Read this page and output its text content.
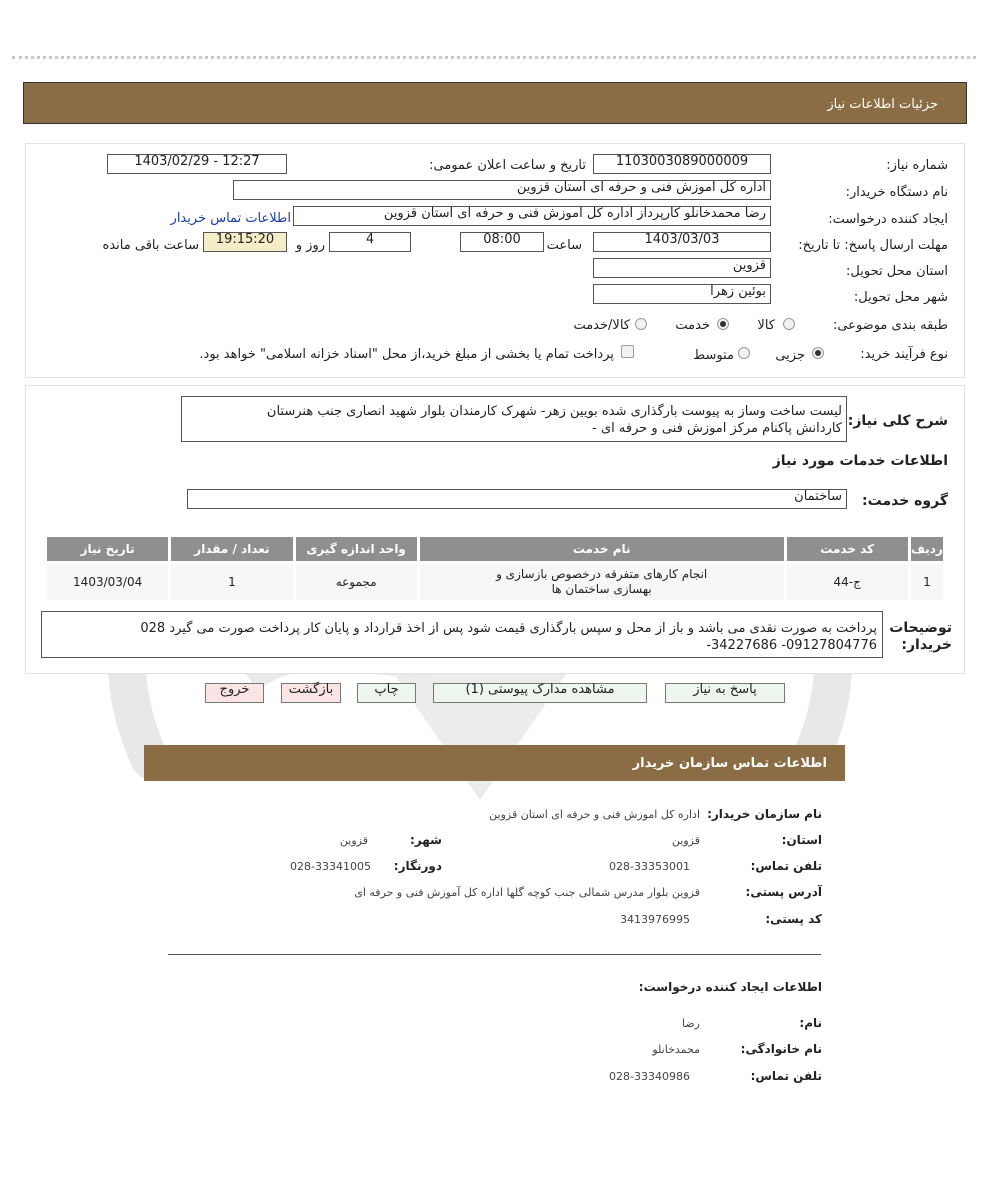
جزئیات اطلاعات نیاز
شماره نیاز:
1103003089000009
تاریخ و ساعت اعلان عمومی:
1403/02/29 - 12:27
نام دستگاه خریدار:
اداره کل اموزش فنی و حرفه ای استان قزوین
ایجاد کننده درخواست:
رضا محمدخانلو کارپرداز اداره کل اموزش فنی و حرفه ای استان قزوین
اطلاعات تماس خریدار
مهلت ارسال پاسخ: تا تاریخ:
1403/03/03
ساعت
08:00
4
روز و
19:15:20
ساعت باقی مانده
استان محل تحویل:
قزوین
شهر محل تحویل:
بوئین زهرا
طبقه بندی موضوعی:
کالا
خدمت
کالا/خدمت
نوع فرآیند خرید:
جزیی
متوسط
پرداخت تمام یا بخشی از مبلغ خرید،از محل "اسناد خزانه اسلامی" خواهد بود.
شرح کلی نیاز:
لیست ساخت وساز به پیوست بارگذاری شده بویین زهر- شهرک کارمندان بلوار شهید انصاری جنب هنرستان
کاردانش پاکنام مرکز اموزش فنی و حرفه ای -
اطلاعات خدمات مورد نیاز
گروه خدمت:
ساختمان
ردیف	کد خدمت	نام خدمت	واحد اندازه گیری	تعداد / مقدار	تاریخ نیاز
1	ج-44	انجام کارهای متفرقه درخصوص بازسازی و
بهسازی ساختمان ها	مجموعه	1	1403/03/04
توضیحات
خریدار:
پرداخت به صورت نقدی می باشد و باز از محل و سپس بارگذاری قیمت شود پس از اخذ قرارداد و پایان کار پرداخت صورت می گیرد 028
09127804776- 34227686-
پاسخ به نیاز
مشاهده مدارک پیوستی (1)
چاپ
بازگشت
خروج
اطلاعات تماس سازمان خریدار
نام سازمان خریدار:
اداره کل اموزش فنی و حرفه ای استان قزوین
استان:
قزوین
شهر:
قزوین
تلفن تماس:
028-33353001
دورنگار:
028-33341005
آدرس پستی:
قزوین بلوار مدرس شمالی جنب کوچه گلها اداره کل آموزش فنی و حرفه ای
کد پستی:
3413976995
اطلاعات ایجاد کننده درخواست:
نام:
رضا
نام خانوادگی:
محمدخانلو
تلفن تماس:
028-33340986
